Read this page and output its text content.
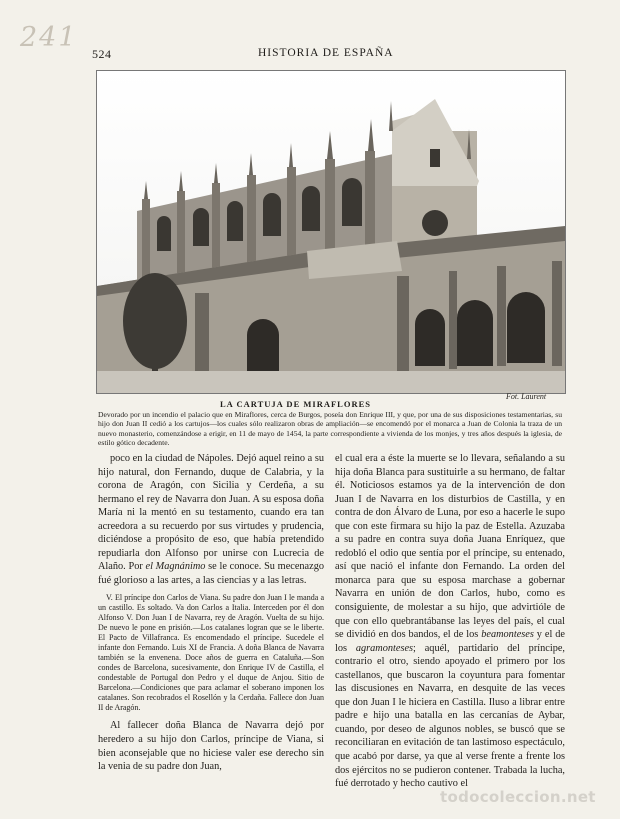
241
524	HISTORIA DE ESPAÑA
Fot. Laurent
LA CARTUJA DE MIRAFLORES
Devorado por un incendio el palacio que en Miraflores, cerca de Burgos, poseía don Enrique III, y que, por una de sus disposiciones testamentarias, su hijo don Juan II cedió a los cartujos—los cuales sólo realizaron obras de ampliación—se encomendó por el monarca a Juan de Colonia la traza de un nuevo monasterio, comenzándose a erigir, en 11 de mayo de 1454, la parte correspondiente a vivienda de los monjes, y tres años después la iglesia, de estilo gótico decadente.

poco en la ciudad de Nápoles. Dejó aquel reino a su hijo natural, don Fernando, duque de Calabria, y la corona de Aragón, con Sicilia y Cerdeña, a su hermano el rey de Navarra don Juan. A su esposa doña María ni la mentó en su testamento, cuando era tan acreedora a su recuerdo por sus virtudes y prudencia, diciéndose a propósito de eso, que había pretendido repudiarla don Alfonso por unirse con Lucrecia de Alaño. Por el Magnánimo se le conoce. Su mecenazgo fué glorioso a las artes, a las ciencias y a las letras.

V. El príncipe don Carlos de Viana. Su padre don Juan I le manda a un castillo. Es soltado. Va don Carlos a Italia. Interceden por él don Alfonso V. Don Juan I de Navarra, rey de Aragón. Vuelta de su hijo. De nuevo le pone en prisión.—Los catalanes logran que se le liberte. El Pacto de Villafranca. Es encomendado el príncipe. Sucedele el infante don Fernando. Luis XI de Francia. A doña Blanca de Navarra también se la envenena. Doce años de guerra en Cataluña.—Son condes de Barcelona, sucesivamente, don Enrique IV de Castilla, el condestable de Portugal don Pedro y el duque de Anjou. Sitio de Barcelona.—Condiciones que para aclamar el soberano imponen los catalanes. Son recobrados el Rosellón y la Cerdaña. Fallece don Juan II de Aragón.

Al fallecer doña Blanca de Navarra dejó por heredero a su hijo don Carlos, príncipe de Viana, si bien aconsejable que no hiciese valer ese derecho sin la venia de su padre don Juan,

el cual era a éste la muerte se lo llevara, señalando a su hija doña Blanca para sustituirle a su hermano, de faltar él. Noticiosos estamos ya de la intervención de don Juan I de Navarra en los disturbios de Castilla, y en contra de don Álvaro de Luna, por eso a hacerle le supo que con este firmara su hijo la paz de Estella. Azuzaba a su padre en contra suya doña Juana Enríquez, que redobló el odio que sentía por el príncipe, su entenado, así que nació el infante don Fernando. La orden del monarca para que su esposa marchase a gobernar Navarra en unión de don Carlos, hubo, como es consiguiente, de molestar a su hijo, que advirtióle de que con ello quebrantábanse las leyes del país, el cual se dividió en dos bandos, el de los beamonteses y el de los agramonteses; aquél, partidario del príncipe, contrario el otro, siendo apoyado el primero por los castellanos, que buscaron la coyuntura para fomentar las discusiones en Navarra, en desquite de las veces que don Juan I le hiciera en Castilla. Iluso a librar entre padre e hijo una batalla en las cercanías de Aybar, cuando, por deseo de algunos nobles, se buscó que se reconciliaran en evitación de tan lastimoso espectáculo, que acabó por darse, ya que al verse frente a frente los dos ejércitos no se pudieron contener. Trabada la lucha, fué derrotado y hecho cautivo el

todocoleccion.net
